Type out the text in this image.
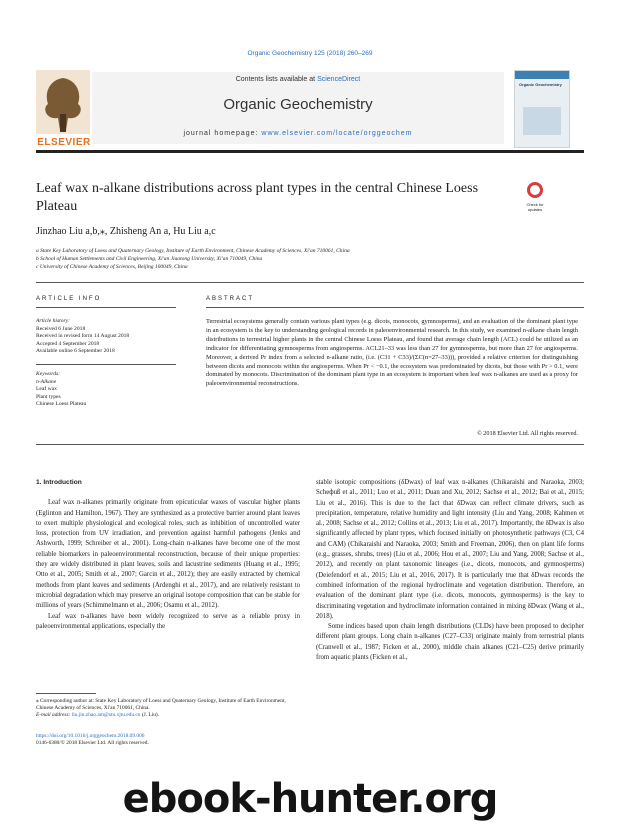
Organic Geochemistry 125 (2018) 260–269
ELSEVIER
Contents lists available at ScienceDirect
Organic Geochemistry
journal homepage: www.elsevier.com/locate/orggeochem
Organic Geochemistry
Leaf wax n-alkane distributions across plant types in the central Chinese Loess Plateau	Check for updates
Jinzhao Liu a,b,⁎, Zhisheng An a, Hu Liu a,c
a State Key Laboratory of Loess and Quaternary Geology, Institute of Earth Environment, Chinese Academy of Sciences, Xi'an 710061, China
b School of Human Settlements and Civil Engineering, Xi'an Jiaotong University, Xi'an 710049, China
c University of Chinese Academy of Sciences, Beijing 100049, China
ARTICLE INFO	ABSTRACT
Article history:
Received 6 June 2018
Received in revised form 14 August 2018
Accepted 4 September 2018
Available online 6 September 2018
Keywords:
n-Alkane
Leaf wax
Plant types
Chinese Loess Plateau
Terrestrial ecosystems generally contain various plant types (e.g. dicots, monocots, gymnosperms), and an evaluation of the dominant plant type in an ecosystem is the key to understanding geological records in paleoenvironmental research. In this study, we examined n-alkane chain length distributions in terrestrial higher plants in the central Chinese Loess Plateau, and found that average chain length (ACL) could be utilized as an indicator for differentiating gymnosperms from angiosperms. ACL21–33 was less than 27 for gymnosperms, but more than 27 for angiosperms. Moreover, a derived Pr index from a selected n-alkane ratio, (i.e. (C31 + C33)/(ΣC(n=27–33))), provided a relative criterion for distinguishing between dicots and monocots within the angiosperms. When Pr < −0.1, the ecosystem was predominated by dicots, but those with Pr > 0.1, were dominated by monocots. Discrimination of the dominant plant type in an ecosystem is important when leaf wax n-alkanes are used as a proxy for paleoenvironmental reconstructions.
© 2018 Elsevier Ltd. All rights reserved.
1. Introduction

Leaf wax n-alkanes primarily originate from epicuticular waxes of vascular higher plants (Eglinton and Hamilton, 1967). They are synthesized as a protective barrier around plant leaves to exert multiple physiological and ecological roles, such as inhibition of uncontrolled water loss, protection from UV irradiation, and prevention against harmful pathogens (Jenks and Ashworth, 1999; Schreiber et al., 2001). Long-chain n-alkanes have become one of the most reliable biomarkers in paleoenvironmental reconstruction, because of their unique properties: they are widely distributed in plant leaves, soils and lacustrine sediments (Huang et al., 1995; Otto et al., 2005; Smith et al., 2007; Garcin et al., 2012); they are easily extracted by chemical methods from plant leaves and sediments (Ardenghi et al., 2017), and are relatively resistant to microbial degradation which may preserve an original isotope composition that can be stable for millions of years (Schimmelmann et al., 2006; Osamu et al., 2012).

Leaf wax n-alkanes have been widely recognized to serve as a reliable proxy in paleoenvironmental applications, especially the

stable isotopic compositions (δDwax) of leaf wax n-alkanes (Chikaraishi and Naraoka, 2003; Scheфuß et al., 2011; Luo et al., 2011; Duan and Xu, 2012; Sachse et al., 2012; Bai et al., 2015; Liu et al., 2016). This is due to the fact that δDwax can reflect climate drivers, such as precipitation, temperature, relative humidity and light intensity (Liu and Yang, 2008; Kahmen et al., 2008; Sachse et al., 2012; Collins et al., 2013; Liu et al., 2017). Importantly, the δDwax is also significantly affected by plant types, which focused initially on photosynthetic pathways (C3, C4 and CAM) (Chikaraishi and Naraoka, 2003; Smith and Freeman, 2006), then on plant life forms (e.g., grasses, shrubs, trees) (Liu et al., 2006; Hou et al., 2007; Liu and Yang, 2008; Sachse et al., 2012), and recently on plant taxonomic lineages (i.e., dicots, monocots, and gymnosperms) (Deiefendorf et al., 2015; Liu et al., 2016, 2017). It is particularly true that δDwax records the combined information of the regional hydroclimate and vegetation distribution. Therefore, an evaluation of the dominant plant type (i.e. dicots, monocots, gymnosperms) is the key to discriminating vegetation and hydroclimate information contained in mixing δDwax (Wang et al., 2018).

Some indices based upon chain length distributions (CLDs) have been proposed to decipher different plant groups. Long chain n-alkanes (C27–C33) originate mainly from terrestrial plants (Cranwell et al., 1987; Ficken et al., 2000), middle chain alkanes (C21–C25) derive primarily from aquatic plants (Ficken et al.,

⁎ Corresponding author at: State Key Laboratory of Loess and Quaternary Geology, Institute of Earth Environment, Chinese Academy of Sciences, Xi'an 710061, China.
E-mail address: liu.jin.zhao.am@stu.xjtu.edu.cn (J. Liu).
https://doi.org/10.1016/j.orggeochem.2018.09.006
0146-6380/© 2018 Elsevier Ltd. All rights reserved.
ebook-hunter.org
